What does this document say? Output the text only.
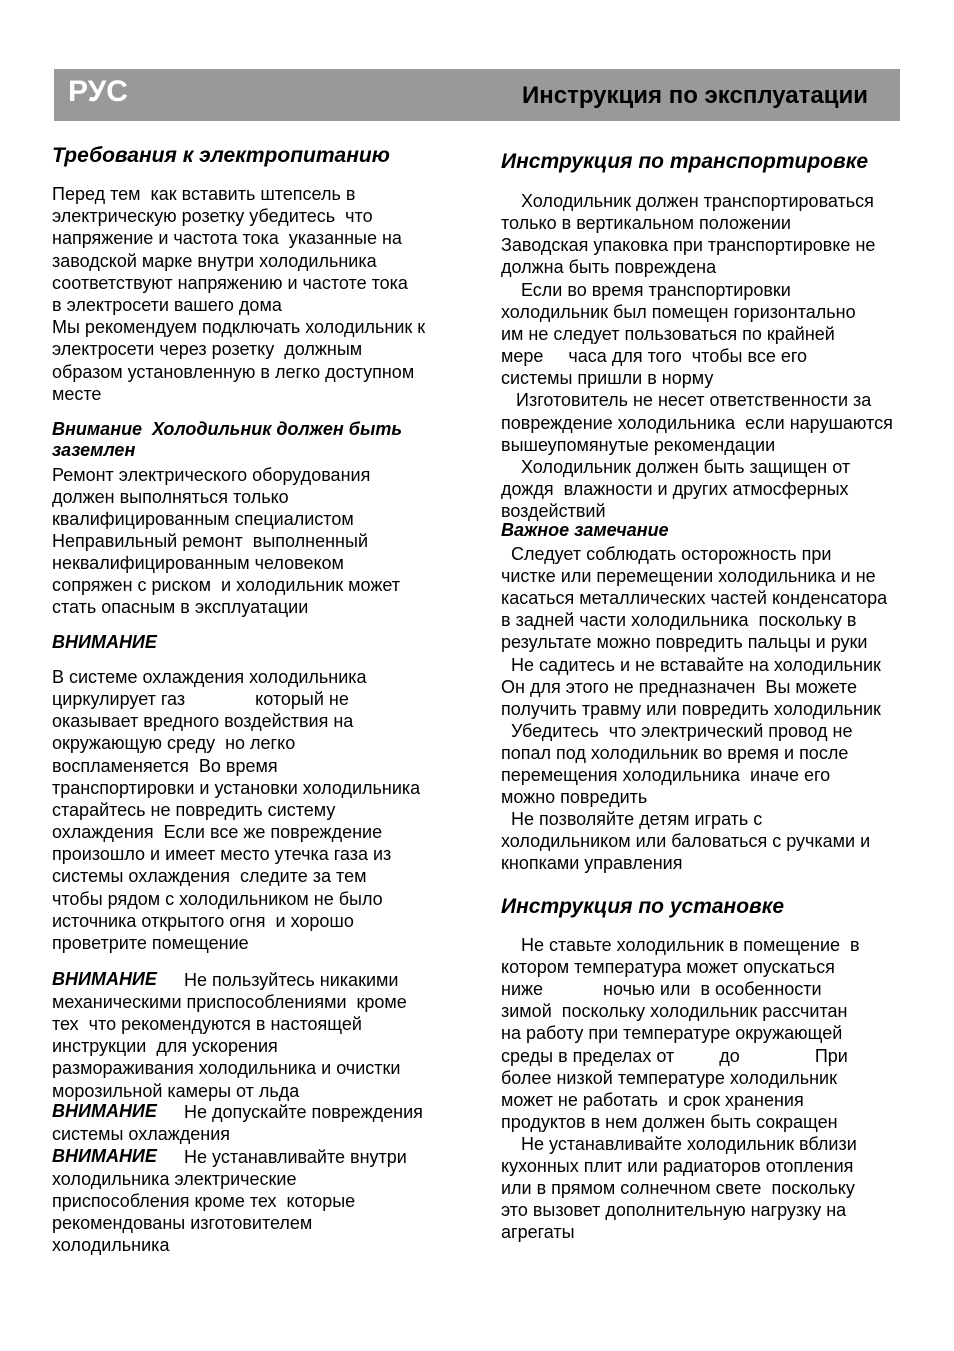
РУС	Инструкция по эксплуатации
Требования к электропитанию
Перед тем  как вставить штепсель в
электрическую розетку убедитесь  что
напряжение и частота тока  указанные на
заводской марке внутри холодильника
соответствуют напряжению и частоте тока
в электросети вашего дома
Мы рекомендуем подключать холодильник к
электросети через розетку  должным
образом установленную в легко доступном
месте
Внимание  Холодильник должен быть
заземлен
Ремонт электрического оборудования
должен выполняться только
квалифицированным специалистом
Неправильный ремонт  выполненный
неквалифицированным человеком
сопряжен с риском  и холодильник может
стать опасным в эксплуатации
ВНИМАНИЕ
В системе охлаждения холодильника
циркулирует газ              который не
оказывает вредного воздействия на
окружающую среду  но легко
воспламеняется  Во время
транспортировки и установки холодильника
старайтесь не повредить систему
охлаждения  Если все же повреждение
произошло и имеет место утечка газа из
системы охлаждения  следите за тем
чтобы рядом с холодильником не было
источника открытого огня  и хорошо
проветрите помещение
ВНИМАНИЕ Не пользуйтесь никакими
механическими приспособлениями  кроме
тех  что рекомендуются в настоящей
инструкции  для ускорения
размораживания холодильника и очистки
морозильной камеры от льда
ВНИМАНИЕ Не допускайте повреждения
системы охлаждения
ВНИМАНИЕ Не устанавливайте внутри
холодильника электрические
приспособления кроме тех  которые
рекомендованы изготовителем
холодильника
Инструкция по транспортировке
Холодильник должен транспортироваться
только в вертикальном положении
Заводская упаковка при транспортировке не
должна быть повреждена
Если во время транспортировки
холодильник был помещен горизонтально
им не следует пользоваться по крайней
мере     часа для того  чтобы все его
системы пришли в норму
Изготовитель не несет ответственности за
повреждение холодильника  если нарушаются
вышеупомянутые рекомендации
Холодильник должен быть защищен от
дождя  влажности и других атмосферных
воздействий
Важное замечание
Следует соблюдать осторожность при
чистке или перемещении холодильника и не
касаться металлических частей конденсатора
в задней части холодильника  поскольку в
результате можно повредить пальцы и руки
Не садитесь и не вставайте на холодильник
Он для этого не предназначен  Вы можете
получить травму или повредить холодильник
Убедитесь  что электрический провод не
попал под холодильник во время и после
перемещения холодильника  иначе его
можно повредить
Не позволяйте детям играть с
холодильником или баловаться с ручками и
кнопками управления
Инструкция по установке
Не ставьте холодильник в помещение  в
котором температура может опускаться
ниже            ночью или  в особенности
зимой  поскольку холодильник рассчитан
на работу при температуре окружающей
среды в пределах от         до               При
более низкой температуре холодильник
может не работать  и срок хранения
продуктов в нем должен быть сокращен
Не устанавливайте холодильник вблизи
кухонных плит или радиаторов отопления
или в прямом солнечном свете  поскольку
это вызовет дополнительную нагрузку на
агрегаты
